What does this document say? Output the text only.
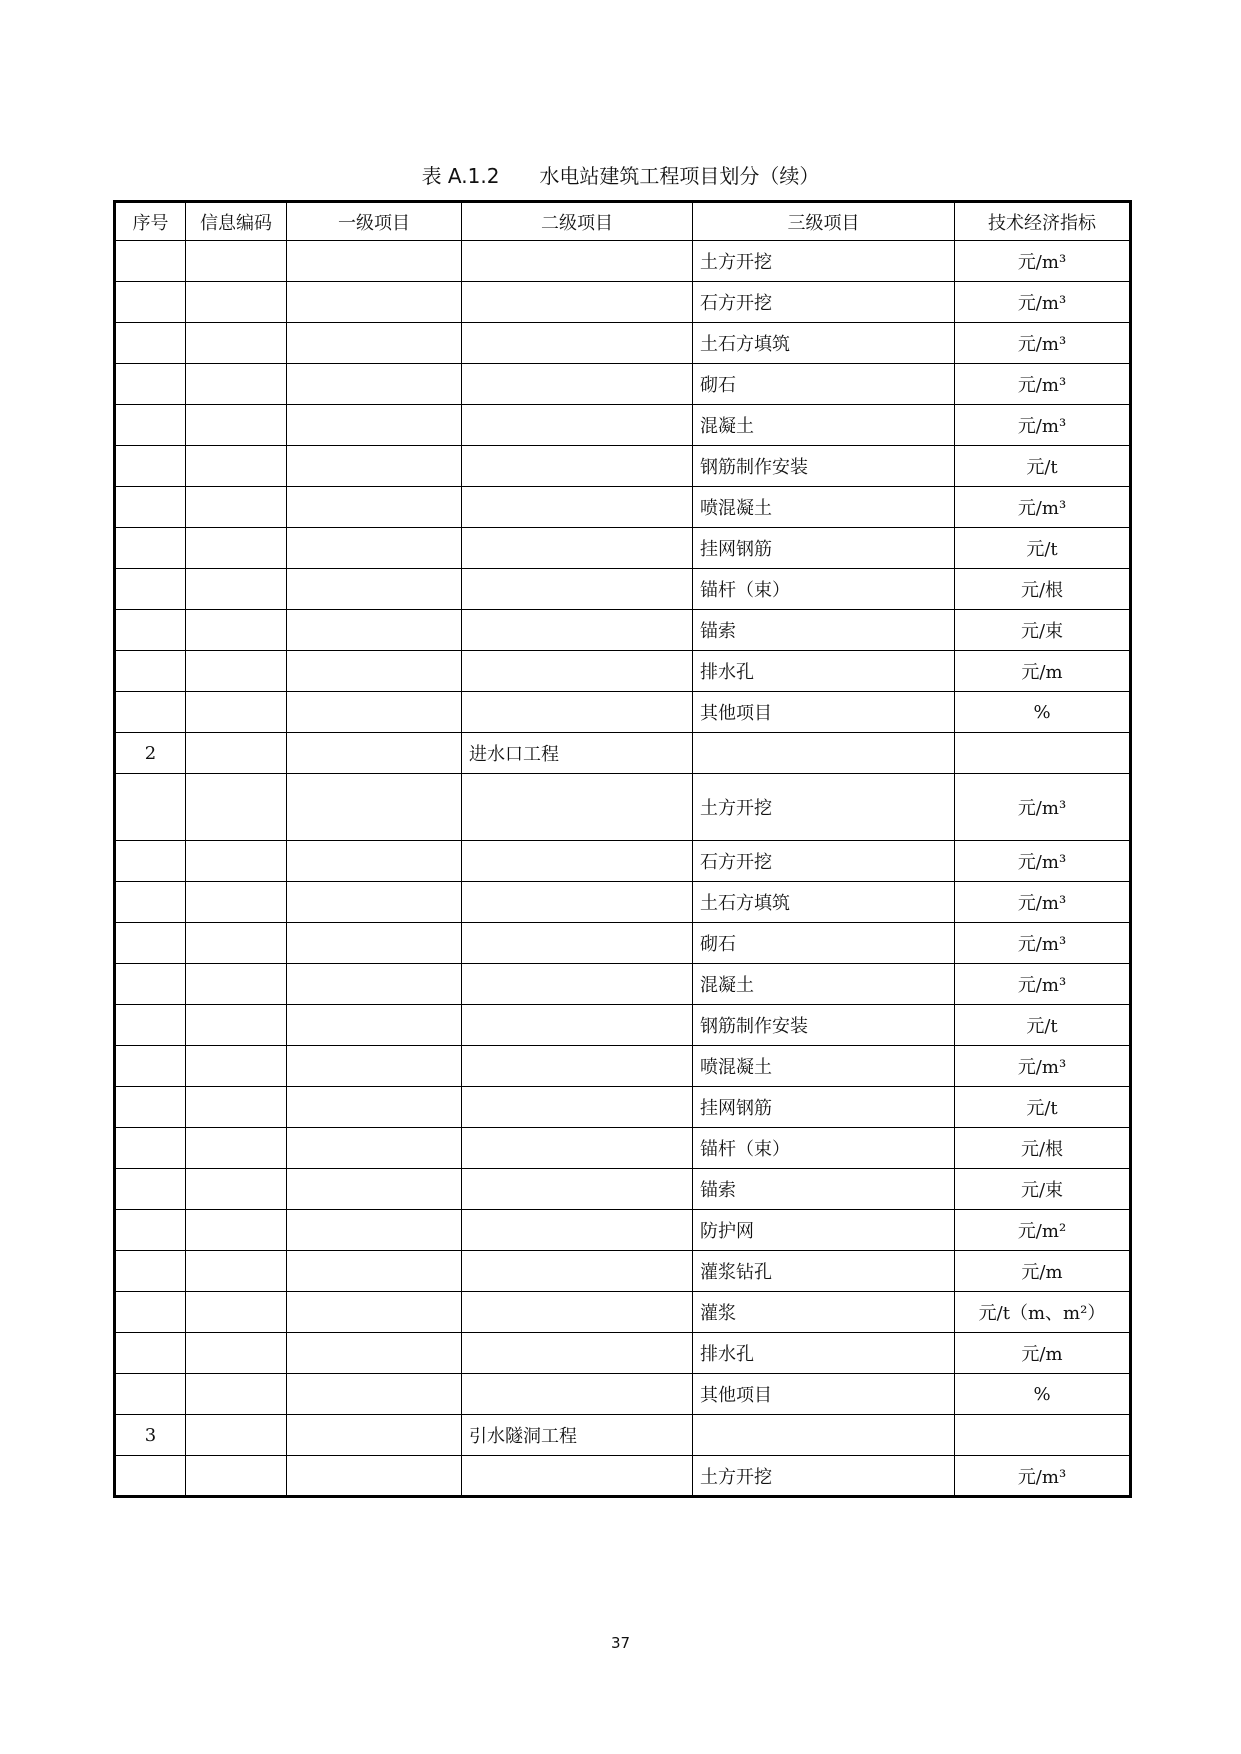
表 A.1.2 水电站建筑工程项目划分（续）
序号	信息编码	一级项目	二级项目	三级项目	技术经济指标
				土方开挖	元/m³
				石方开挖	元/m³
				土石方填筑	元/m³
				砌石	元/m³
				混凝土	元/m³
				钢筋制作安装	元/t
				喷混凝土	元/m³
				挂网钢筋	元/t
				锚杆（束）	元/根
				锚索	元/束
				排水孔	元/m
				其他项目	%
2			进水口工程		
				土方开挖	元/m³
				石方开挖	元/m³
				土石方填筑	元/m³
				砌石	元/m³
				混凝土	元/m³
				钢筋制作安装	元/t
				喷混凝土	元/m³
				挂网钢筋	元/t
				锚杆（束）	元/根
				锚索	元/束
				防护网	元/m²
				灌浆钻孔	元/m
				灌浆	元/t（m、m²）
				排水孔	元/m
				其他项目	%
3			引水隧洞工程		
				土方开挖	元/m³
37
